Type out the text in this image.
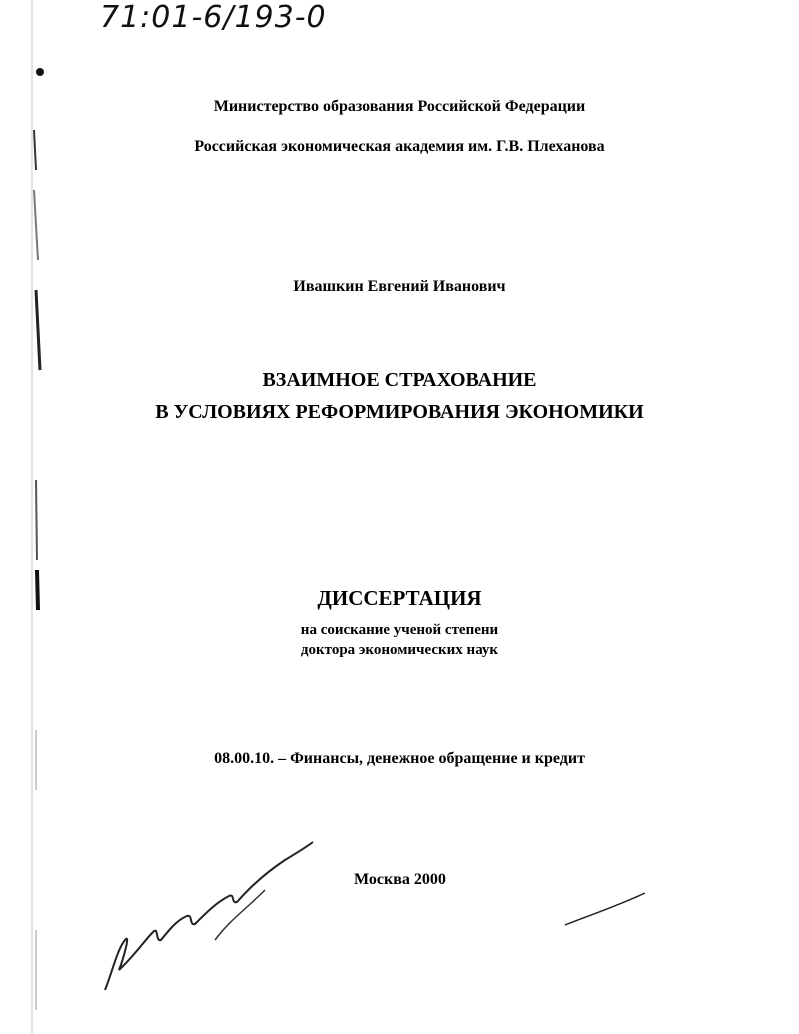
71:01-6/193-0
Министерство образования Российской Федерации
Российская экономическая академия им. Г.В. Плеханова
Ивашкин Евгений Иванович
ВЗАИМНОЕ СТРАХОВАНИЕ
В УСЛОВИЯХ РЕФОРМИРОВАНИЯ ЭКОНОМИКИ
ДИССЕРТАЦИЯ
на соискание ученой степени
доктора экономических наук
08.00.10. – Финансы, денежное обращение и кредит
Москва 2000
